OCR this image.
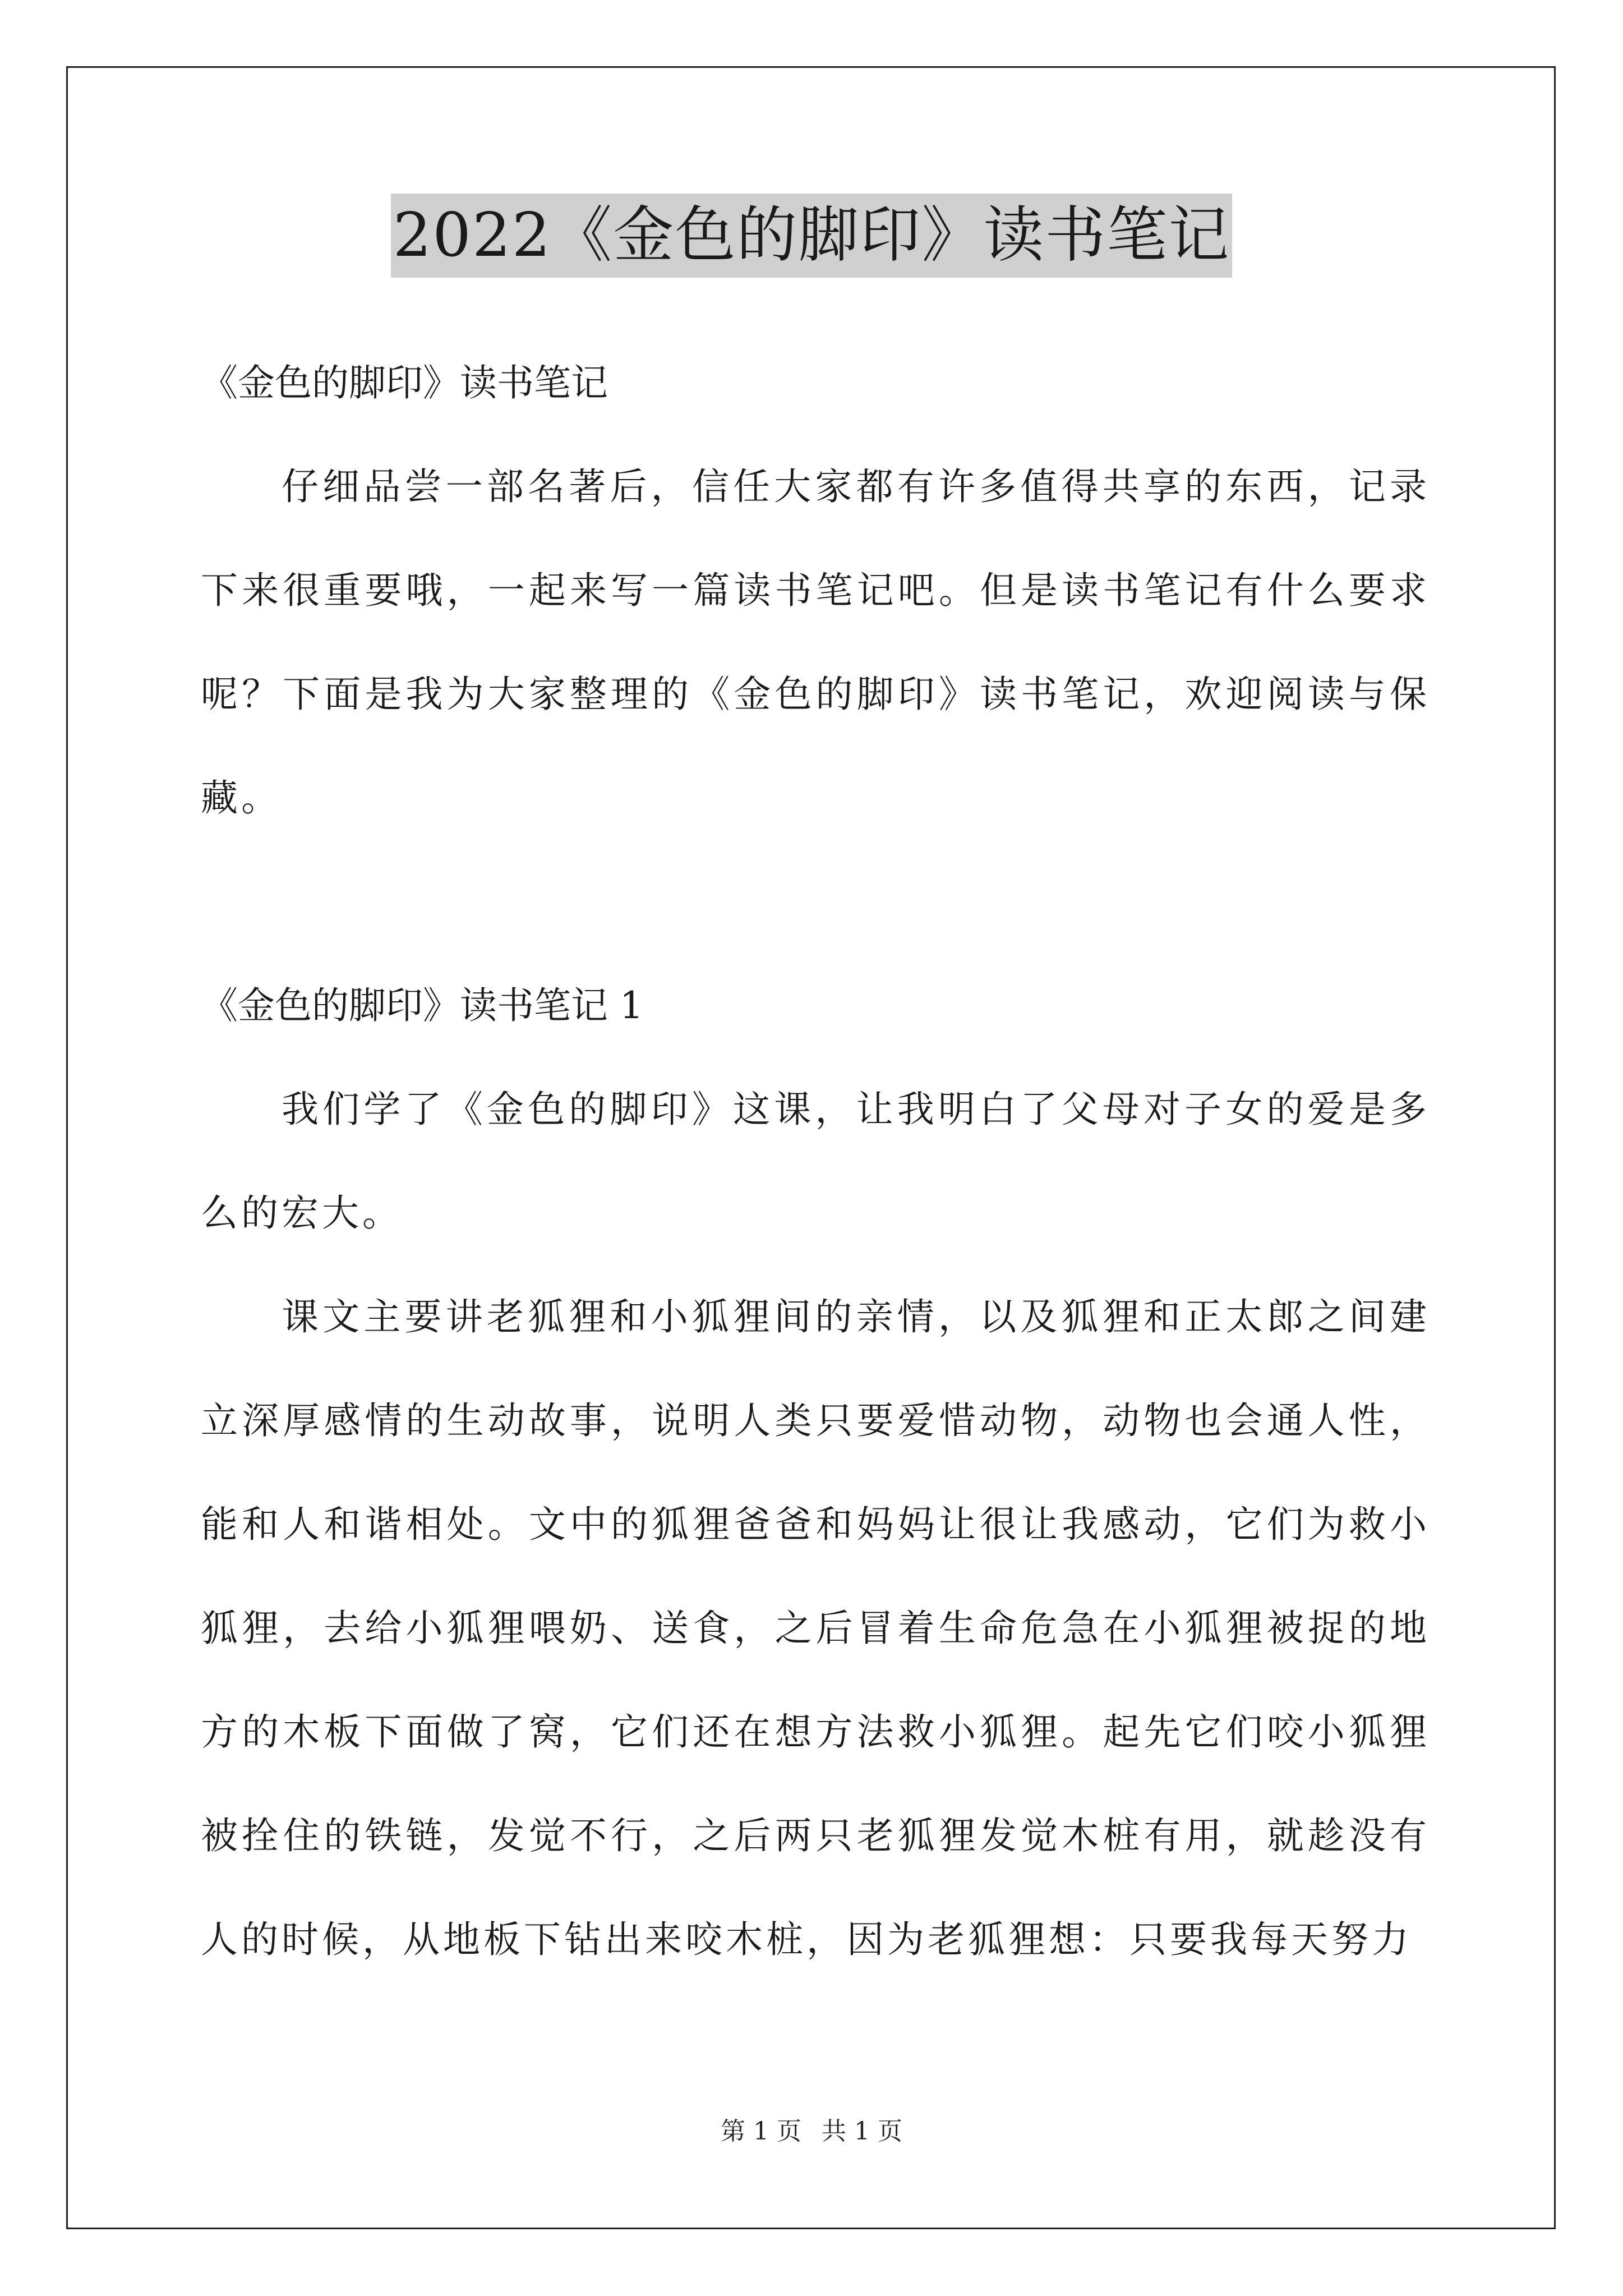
2022《金色的脚印》读书笔记

《金色的脚印》读书笔记

仔细品尝一部名著后，信任大家都有许多值得共享的东西，记录下来很重要哦，一起来写一篇读书笔记吧。但是读书笔记有什么要求呢？下面是我为大家整理的《金色的脚印》读书笔记，欢迎阅读与保藏。

《金色的脚印》读书笔记 1

我们学了《金色的脚印》这课，让我明白了父母对子女的爱是多么的宏大。

课文主要讲老狐狸和小狐狸间的亲情，以及狐狸和正太郎之间建立深厚感情的生动故事，说明人类只要爱惜动物，动物也会通人性，能和人和谐相处。文中的狐狸爸爸和妈妈让很让我感动，它们为救小狐狸，去给小狐狸喂奶、送食，之后冒着生命危急在小狐狸被捉的地方的木板下面做了窝，它们还在想方法救小狐狸。起先它们咬小狐狸被拴住的铁链，发觉不行，之后两只老狐狸发觉木桩有用，就趁没有人的时候，从地板下钻出来咬木桩，因为老狐狸想：只要我每天努力

第 1 页 共 1 页
